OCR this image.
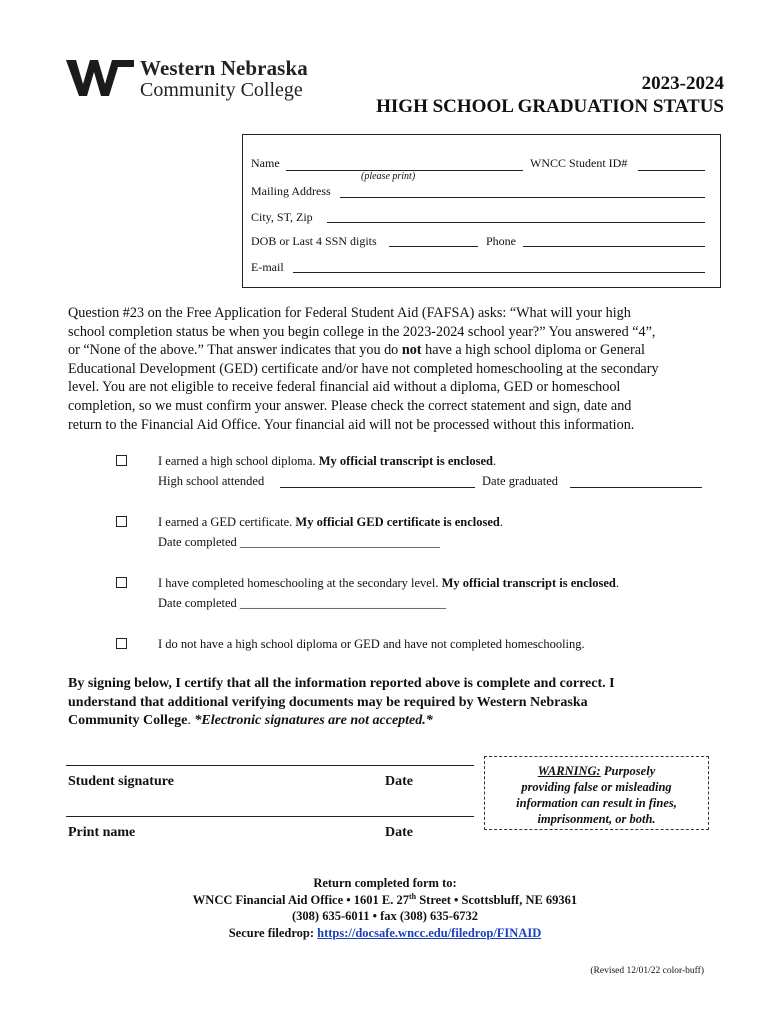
Western Nebraska
Community College	2023-2024
HIGH SCHOOL GRADUATION STATUS
Name
(please print)
WNCC Student ID#
Mailing Address
City, ST, Zip
DOB or Last 4 SSN digits	Phone
E-mail
Question #23 on the Free Application for Federal Student Aid (FAFSA) asks: “What will your high
school completion status be when you begin college in the 2023-2024 school year?” You answered “4”,
or “None of the above.” That answer indicates that you do not have a high school diploma or General
Educational Development (GED) certificate and/or have not completed homeschooling at the secondary
level. You are not eligible to receive federal financial aid without a diploma, GED or homeschool
completion, so we must confirm your answer. Please check the correct statement and sign, date and
return to the Financial Aid Office. Your financial aid will not be processed without this information.
I earned a high school diploma. My official transcript is enclosed.
High school attended	Date graduated
I earned a GED certificate. My official GED certificate is enclosed.
Date completed ________________________________
I have completed homeschooling at the secondary level. My official transcript is enclosed.
Date completed _________________________________
I do not have a high school diploma or GED and have not completed homeschooling.
By signing below, I certify that all the information reported above is complete and correct. I
understand that additional verifying documents may be required by Western Nebraska
Community College. *Electronic signatures are not accepted.*
Student signature	Date
Print name	Date
WARNING: Purposely
providing false or misleading
information can result in fines,
imprisonment, or both.
Return completed form to:
WNCC Financial Aid Office • 1601 E. 27th Street • Scottsbluff, NE 69361
(308) 635-6011 • fax (308) 635-6732
Secure filedrop: https://docsafe.wncc.edu/filedrop/FINAID
(Revised 12/01/22 color-buff)
